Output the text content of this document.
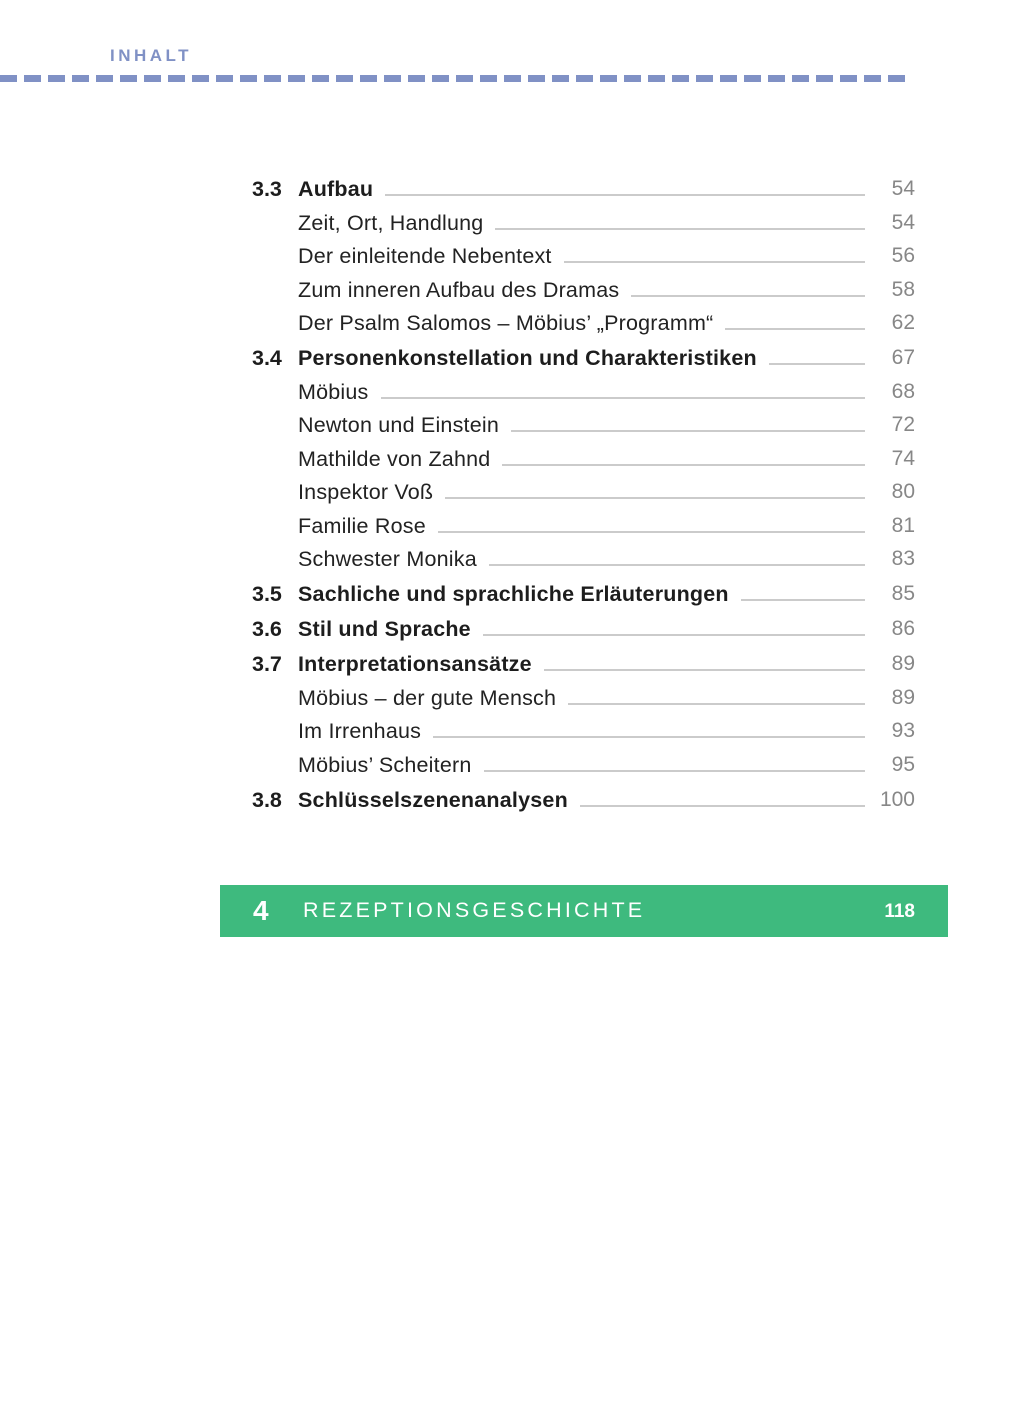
INHALT
3.3 Aufbau	54
Zeit, Ort, Handlung	54
Der einleitende Nebentext	56
Zum inneren Aufbau des Dramas	58
Der Psalm Salomos – Möbius’ „Programm“	62
3.4 Personenkonstellation und Charakteristiken	67
Möbius	68
Newton und Einstein	72
Mathilde von Zahnd	74
Inspektor Voß	80
Familie Rose	81
Schwester Monika	83
3.5 Sachliche und sprachliche Erläuterungen	85
3.6 Stil und Sprache	86
3.7 Interpretationsansätze	89
Möbius – der gute Mensch	89
Im Irrenhaus	93
Möbius’ Scheitern	95
3.8 Schlüsselszenenanalysen	100
4	REZEPTIONSGESCHICHTE	118
